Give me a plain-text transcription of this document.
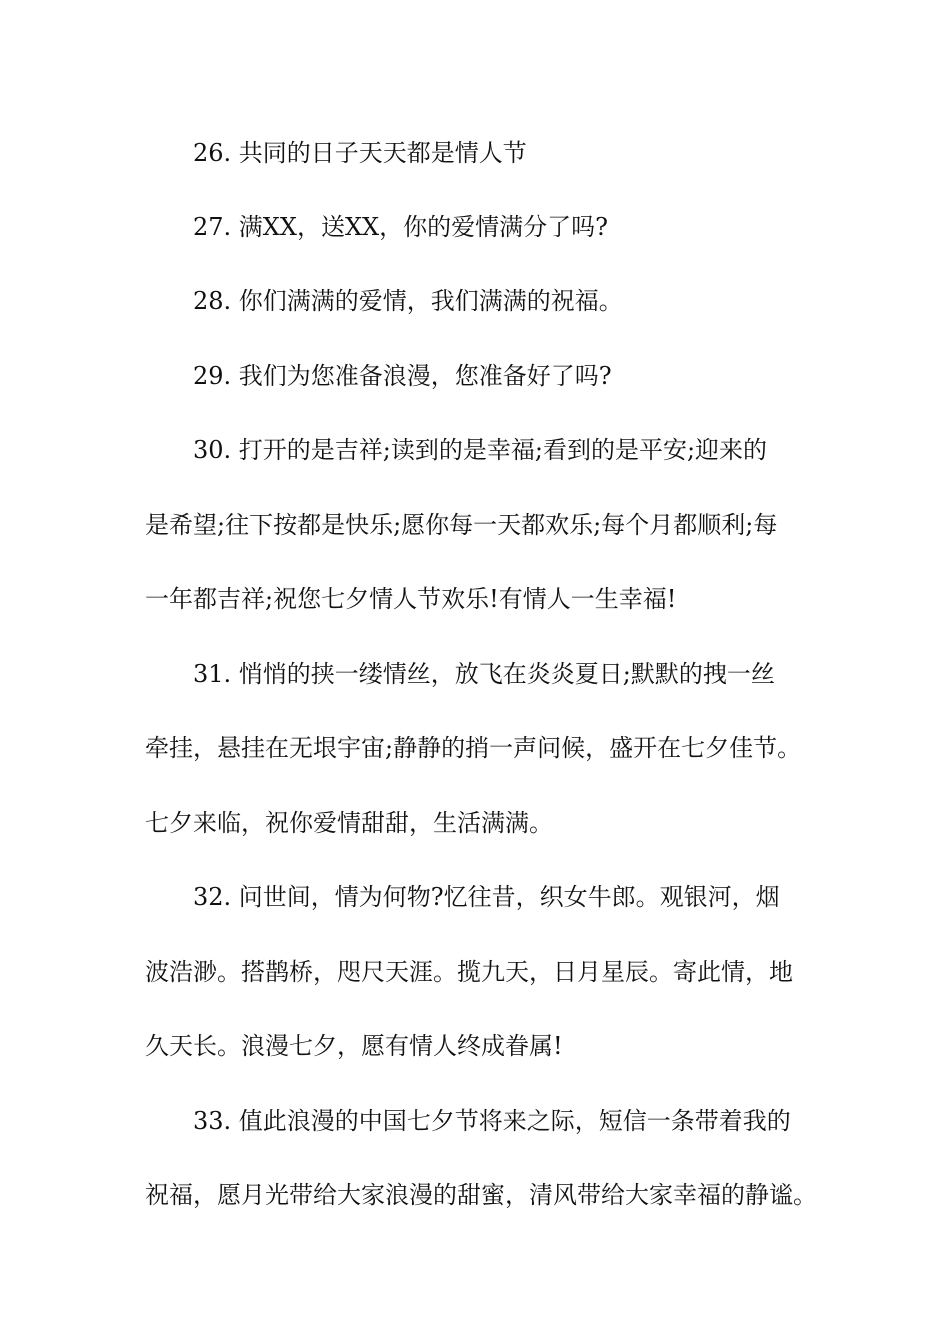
26. 共同的日子天天都是情人节
27. 满XX，送XX，你的爱情满分了吗?
28. 你们满满的爱情，我们满满的祝福。
29. 我们为您准备浪漫，您准备好了吗?
30. 打开的是吉祥;读到的是幸福;看到的是平安;迎来的
是希望;往下按都是快乐;愿你每一天都欢乐;每个月都顺利;每
一年都吉祥;祝您七夕情人节欢乐!有情人一生幸福!
31. 悄悄的挟一缕情丝，放飞在炎炎夏日;默默的拽一丝
牵挂，悬挂在无垠宇宙;静静的捎一声问候，盛开在七夕佳节。
七夕来临，祝你爱情甜甜，生活满满。
32. 问世间，情为何物?忆往昔，织女牛郎。观银河，烟
波浩渺。搭鹊桥，咫尺天涯。揽九天，日月星辰。寄此情，地
久天长。浪漫七夕，愿有情人终成眷属!
33. 值此浪漫的中国七夕节将来之际，短信一条带着我的
祝福，愿月光带给大家浪漫的甜蜜，清风带给大家幸福的静谧。
